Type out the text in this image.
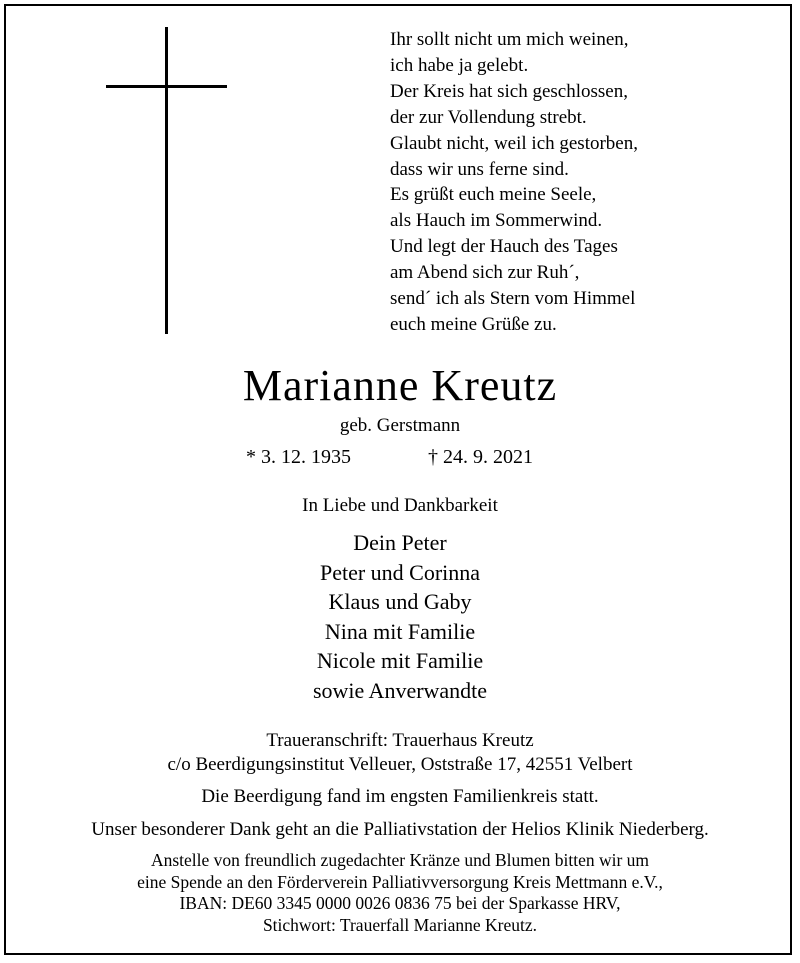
Ihr sollt nicht um mich weinen,
ich habe ja gelebt.
Der Kreis hat sich geschlossen,
der zur Vollendung strebt.
Glaubt nicht, weil ich gestorben,
dass wir uns ferne sind.
Es grüßt euch meine Seele,
als Hauch im Sommerwind.
Und legt der Hauch des Tages
am Abend sich zur Ruh´,
send´ ich als Stern vom Himmel
euch meine Grüße zu.
Marianne Kreutz
geb. Gerstmann
* 3. 12. 1935	† 24. 9. 2021
In Liebe und Dankbarkeit
Dein Peter
Peter und Corinna
Klaus und Gaby
Nina mit Familie
Nicole mit Familie
sowie Anverwandte
Traueranschrift: Trauerhaus Kreutz
c/o Beerdigungsinstitut Velleuer, Oststraße 17, 42551 Velbert
Die Beerdigung fand im engsten Familienkreis statt.
Unser besonderer Dank geht an die Palliativstation der Helios Klinik Niederberg.
Anstelle von freundlich zugedachter Kränze und Blumen bitten wir um
eine Spende an den Förderverein Palliativversorgung Kreis Mettmann e.V.,
IBAN: DE60 3345 0000 0026 0836 75 bei der Sparkasse HRV,
Stichwort: Trauerfall Marianne Kreutz.
